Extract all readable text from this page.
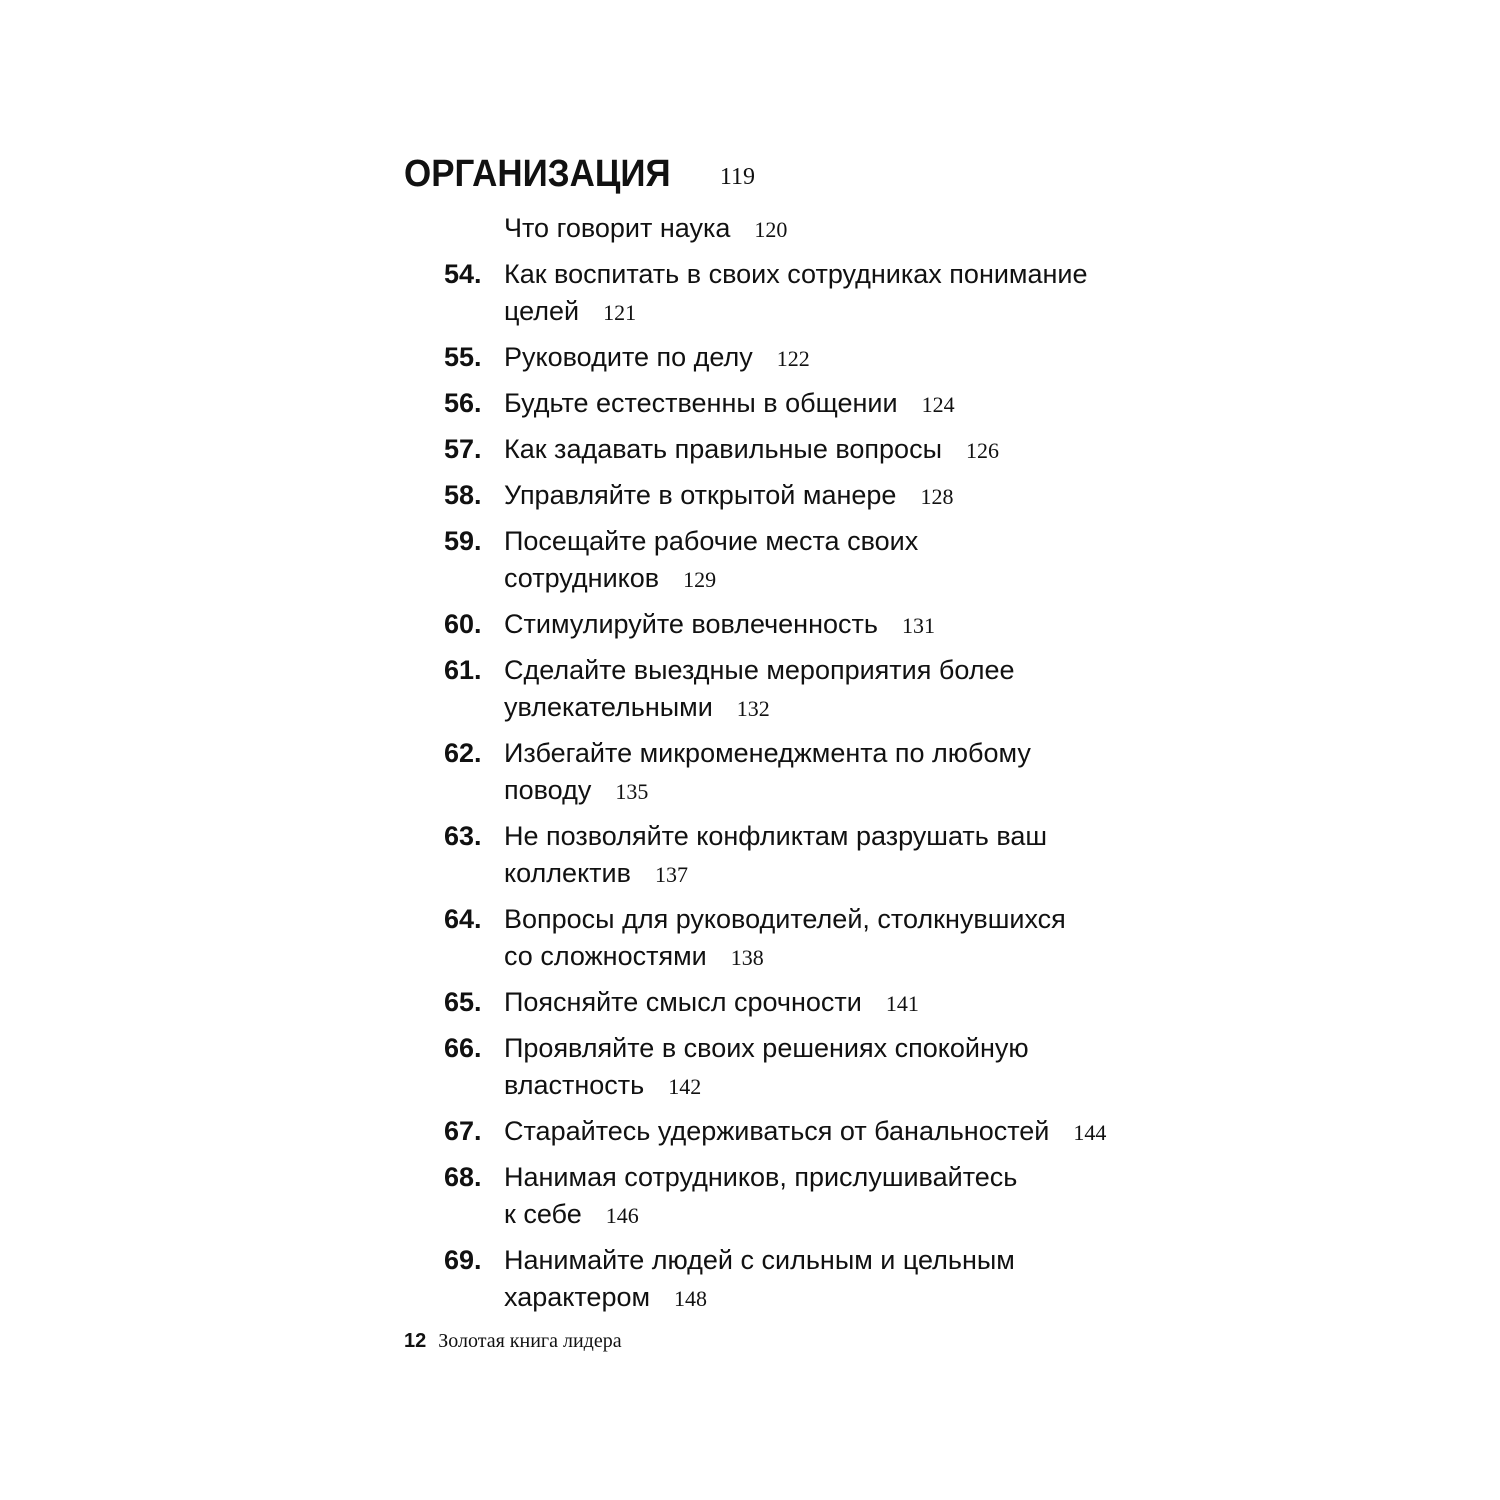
ОРГАНИЗАЦИЯ 119
Что говорит наука 120
54. Как воспитать в своих сотрудниках понимание
целей 121
55. Руководите по делу 122
56. Будьте естественны в общении 124
57. Как задавать правильные вопросы 126
58. Управляйте в открытой манере 128
59. Посещайте рабочие места своих
сотрудников 129
60. Стимулируйте вовлеченность 131
61. Сделайте выездные мероприятия более
увлекательными 132
62. Избегайте микроменеджмента по любому
поводу 135
63. Не позволяйте конфликтам разрушать ваш
коллектив 137
64. Вопросы для руководителей, столкнувшихся
со сложностями 138
65. Поясняйте смысл срочности 141
66. Проявляйте в своих решениях спокойную
властность 142
67. Старайтесь удерживаться от банальностей 144
68. Нанимая сотрудников, прислушивайтесь
к себе 146
69. Нанимайте людей с сильным и цельным
характером 148
12 Золотая книга лидера
